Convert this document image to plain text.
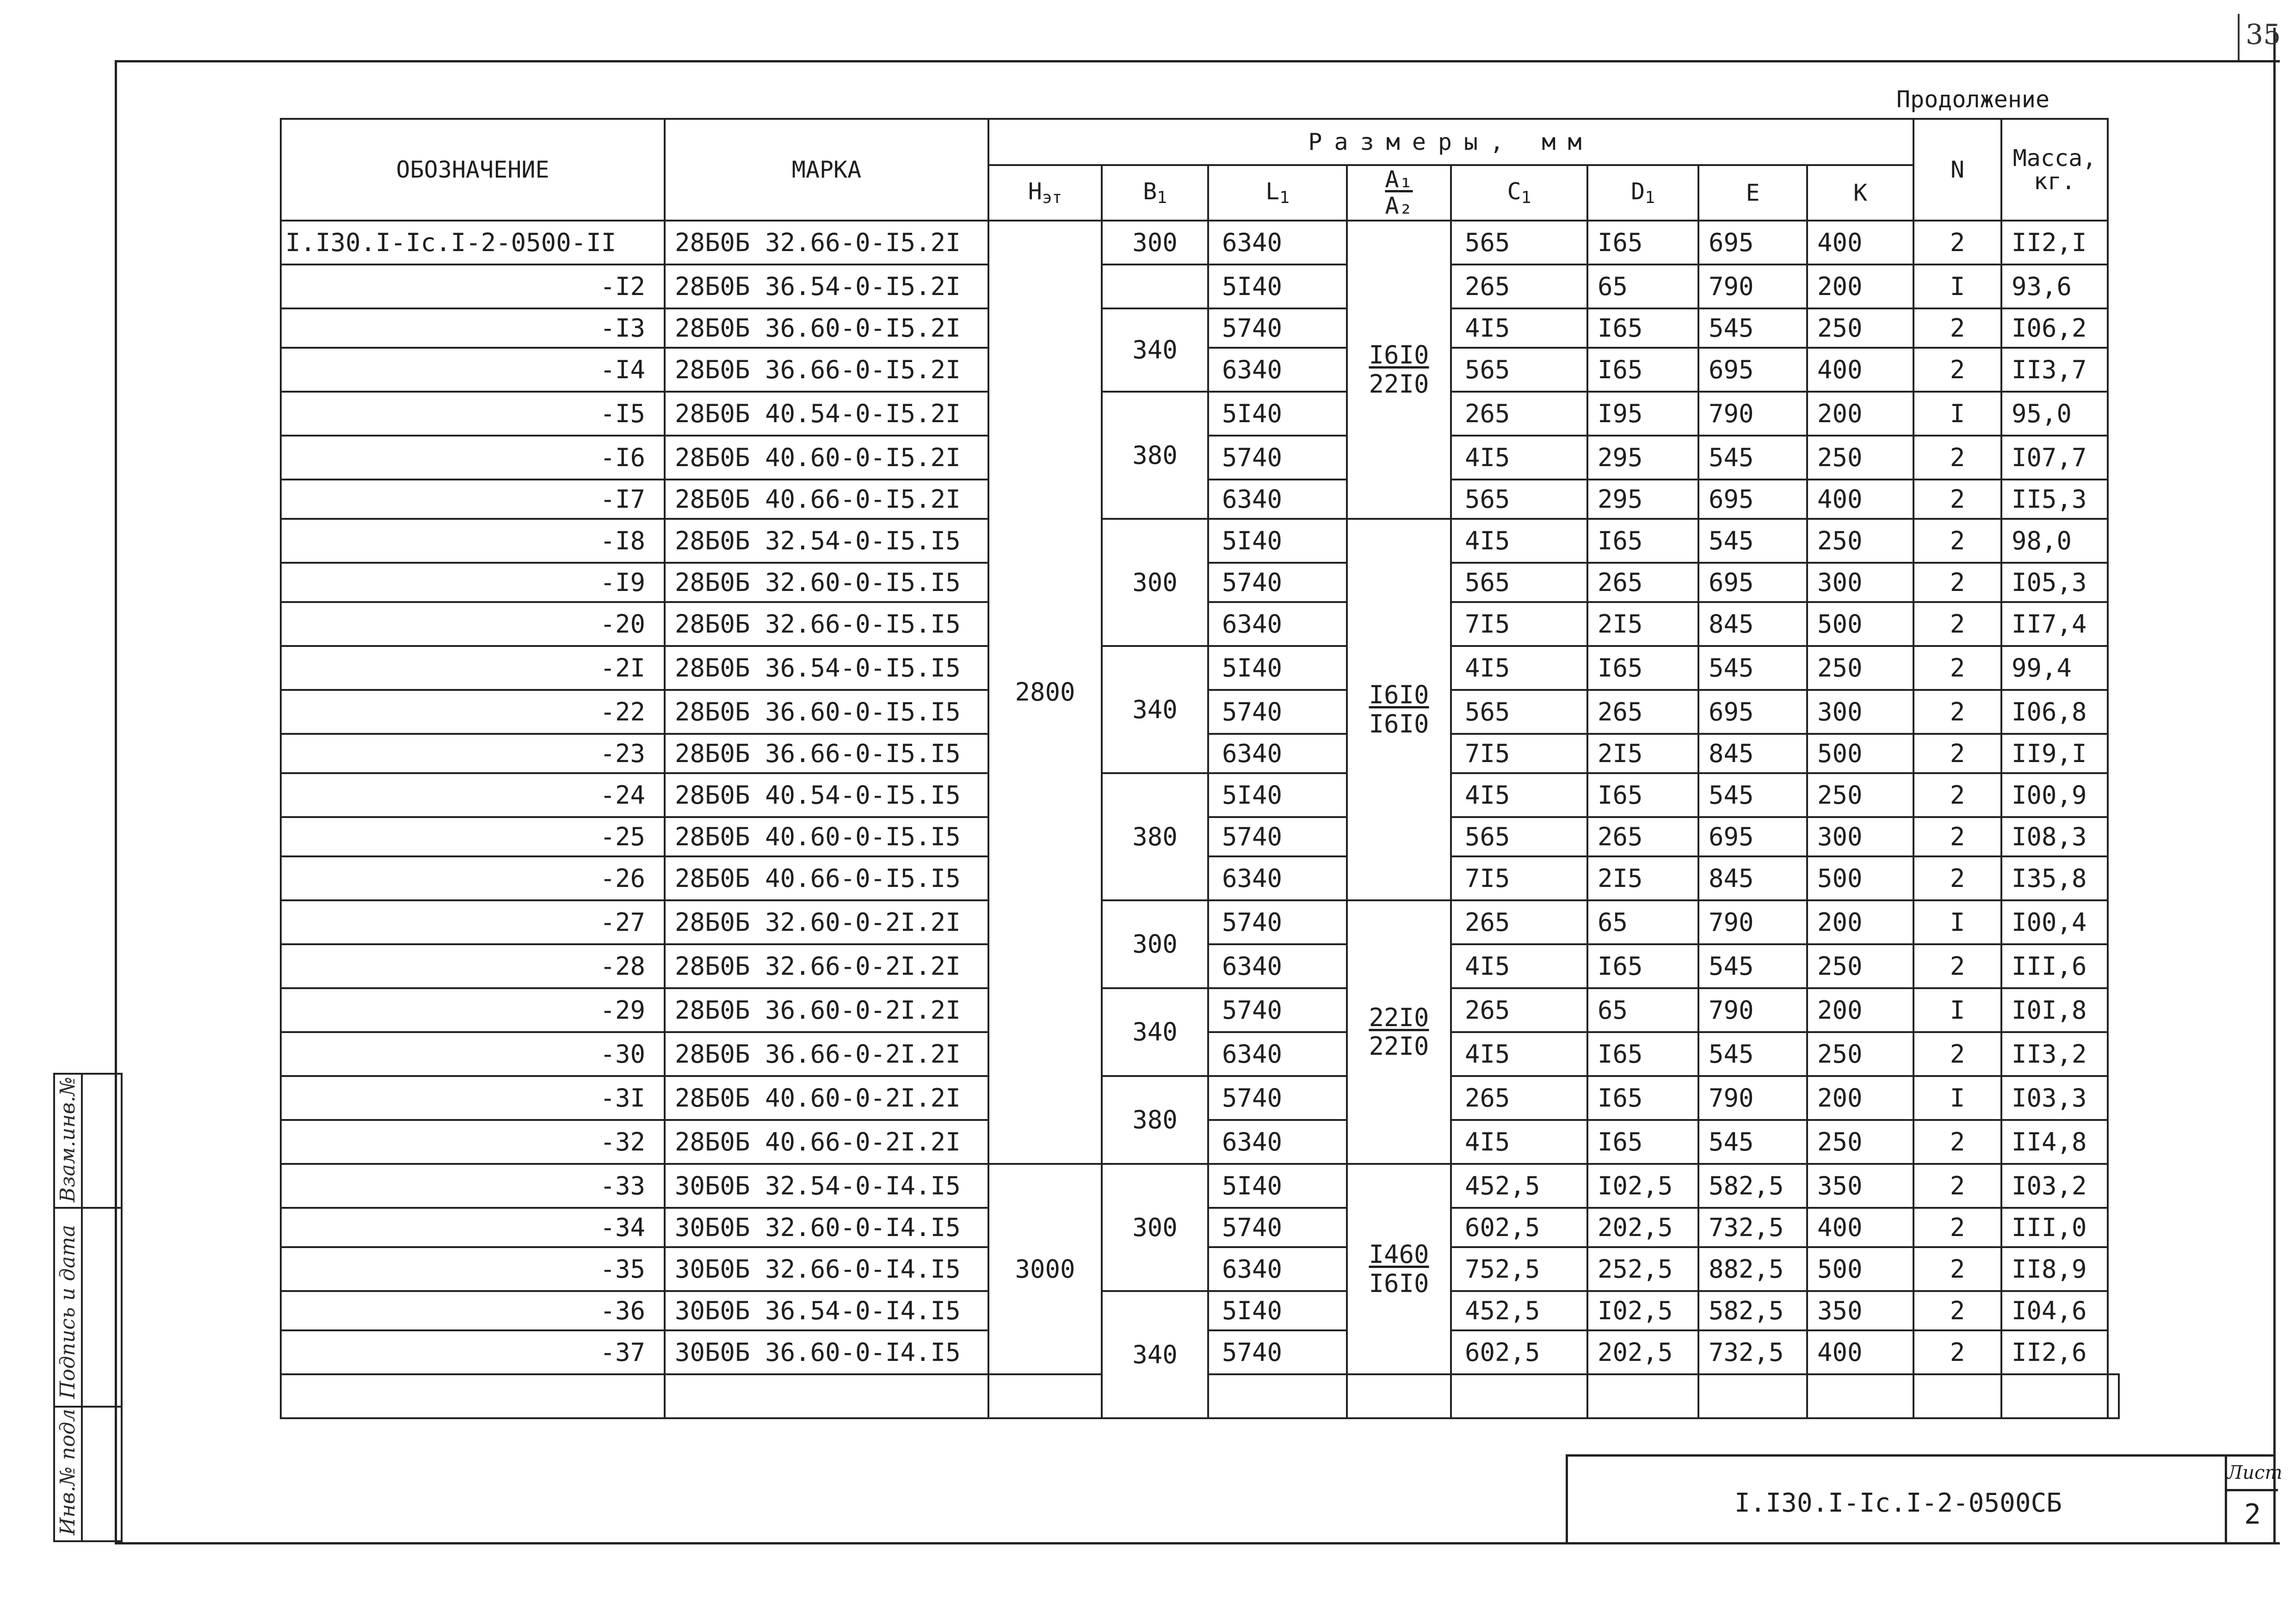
35
Продолжение
ОБОЗНАЧЕНИЕ	МАРКА	Размеры, мм								N	Масса,
кг.	
		$Н_{эт}$	$В_1$	$L_1$	$\frac{\text{A₁}}{\text{A₂}}$	$С_1$	$D_1$	Е	К			
I.I30.I-Ic.I-2-0500-II	28Б0Б 32.66-0-I5.2I	2800	300	6340	$\frac{I6I0}{22I0}$	565	I65	695	400	2	II2,I	
-I2	28Б0Б 36.54-0-I5.2I			5I40		265	65	790	200	I	93,6	
-I3	28Б0Б 36.60-0-I5.2I		340	5740		4I5	I65	545	250	2	I06,2	
-I4	28Б0Б 36.66-0-I5.2I			6340		565	I65	695	400	2	II3,7	
-I5	28Б0Б 40.54-0-I5.2I		380	5I40		265	I95	790	200	I	95,0	
-I6	28Б0Б 40.60-0-I5.2I			5740		4I5	295	545	250	2	I07,7	
-I7	28Б0Б 40.66-0-I5.2I			6340		565	295	695	400	2	II5,3	
-I8	28Б0Б 32.54-0-I5.I5		300	5I40	$\frac{I6I0}{I6I0}$	4I5	I65	545	250	2	98,0	
-I9	28Б0Б 32.60-0-I5.I5			5740		565	265	695	300	2	I05,3	
-20	28Б0Б 32.66-0-I5.I5			6340		7I5	2I5	845	500	2	II7,4	
-2I	28Б0Б 36.54-0-I5.I5		340	5I40		4I5	I65	545	250	2	99,4	
-22	28Б0Б 36.60-0-I5.I5			5740		565	265	695	300	2	I06,8	
-23	28Б0Б 36.66-0-I5.I5			6340		7I5	2I5	845	500	2	II9,I	
-24	28Б0Б 40.54-0-I5.I5		380	5I40		4I5	I65	545	250	2	I00,9	
-25	28Б0Б 40.60-0-I5.I5			5740		565	265	695	300	2	I08,3	
-26	28Б0Б 40.66-0-I5.I5			6340		7I5	2I5	845	500	2	I35,8	
-27	28Б0Б 32.60-0-2I.2I		300	5740	$\frac{22I0}{22I0}$	265	65	790	200	I	I00,4	
-28	28Б0Б 32.66-0-2I.2I			6340		4I5	I65	545	250	2	III,6	
-29	28Б0Б 36.60-0-2I.2I		340	5740		265	65	790	200	I	I0I,8	
-30	28Б0Б 36.66-0-2I.2I			6340		4I5	I65	545	250	2	II3,2	
-3I	28Б0Б 40.60-0-2I.2I		380	5740		265	I65	790	200	I	I03,3	
-32	28Б0Б 40.66-0-2I.2I			6340		4I5	I65	545	250	2	II4,8	
-33	30Б0Б 32.54-0-I4.I5	3000	300	5I40	$\frac{I460}{I6I0}$	452,5	I02,5	582,5	350	2	I03,2	
-34	30Б0Б 32.60-0-I4.I5			5740		602,5	202,5	732,5	400	2	III,0	
-35	30Б0Б 32.66-0-I4.I5			6340		752,5	252,5	882,5	500	2	II8,9	
-36	30Б0Б 36.54-0-I4.I5		340	5I40		452,5	I02,5	582,5	350	2	I04,6	
-37	30Б0Б 36.60-0-I4.I5			5740		602,5	202,5	732,5	400	2	II2,6	

I.I30.I-Ic.I-2-0500СБ
Лист
2
Взам.инв.№
Подпись и дата
Инв.№ подл
